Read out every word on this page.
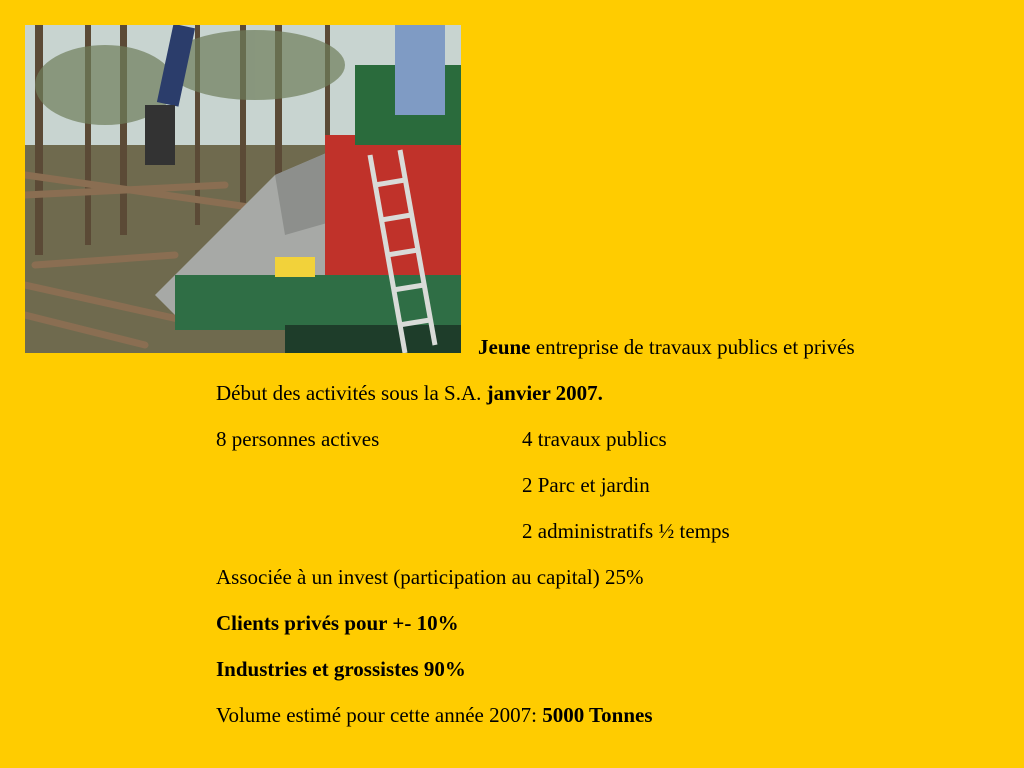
Jeune entreprise de travaux publics et privés
Début des activités sous la S.A. janvier 2007.
8 personnes actives	4 travaux publics
2 Parc et jardin
2 administratifs ½ temps
Associée à un invest (participation au capital) 25%
Clients privés pour +- 10%
Industries et grossistes 90%
Volume estimé pour cette année 2007: 5000 Tonnes
